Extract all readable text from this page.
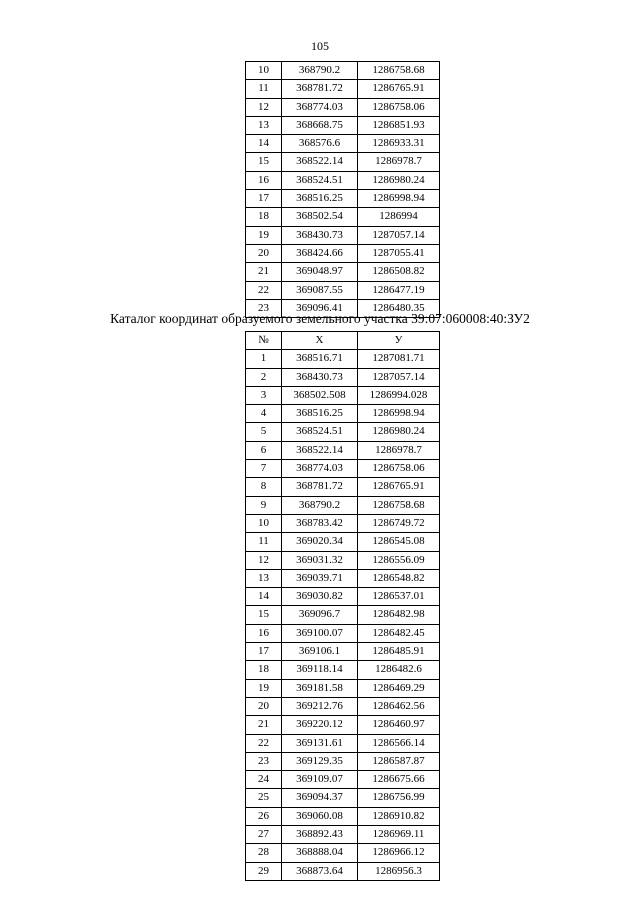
105
10	368790.2	1286758.68
11	368781.72	1286765.91
12	368774.03	1286758.06
13	368668.75	1286851.93
14	368576.6	1286933.31
15	368522.14	1286978.7
16	368524.51	1286980.24
17	368516.25	1286998.94
18	368502.54	1286994
19	368430.73	1287057.14
20	368424.66	1287055.41
21	369048.97	1286508.82
22	369087.55	1286477.19
23	369096.41	1286480.35
Каталог координат образуемого земельного участка 39:07:060008:40:ЗУ2
№	Х	У
1	368516.71	1287081.71
2	368430.73	1287057.14
3	368502.508	1286994.028
4	368516.25	1286998.94
5	368524.51	1286980.24
6	368522.14	1286978.7
7	368774.03	1286758.06
8	368781.72	1286765.91
9	368790.2	1286758.68
10	368783.42	1286749.72
11	369020.34	1286545.08
12	369031.32	1286556.09
13	369039.71	1286548.82
14	369030.82	1286537.01
15	369096.7	1286482.98
16	369100.07	1286482.45
17	369106.1	1286485.91
18	369118.14	1286482.6
19	369181.58	1286469.29
20	369212.76	1286462.56
21	369220.12	1286460.97
22	369131.61	1286566.14
23	369129.35	1286587.87
24	369109.07	1286675.66
25	369094.37	1286756.99
26	369060.08	1286910.82
27	368892.43	1286969.11
28	368888.04	1286966.12
29	368873.64	1286956.3
